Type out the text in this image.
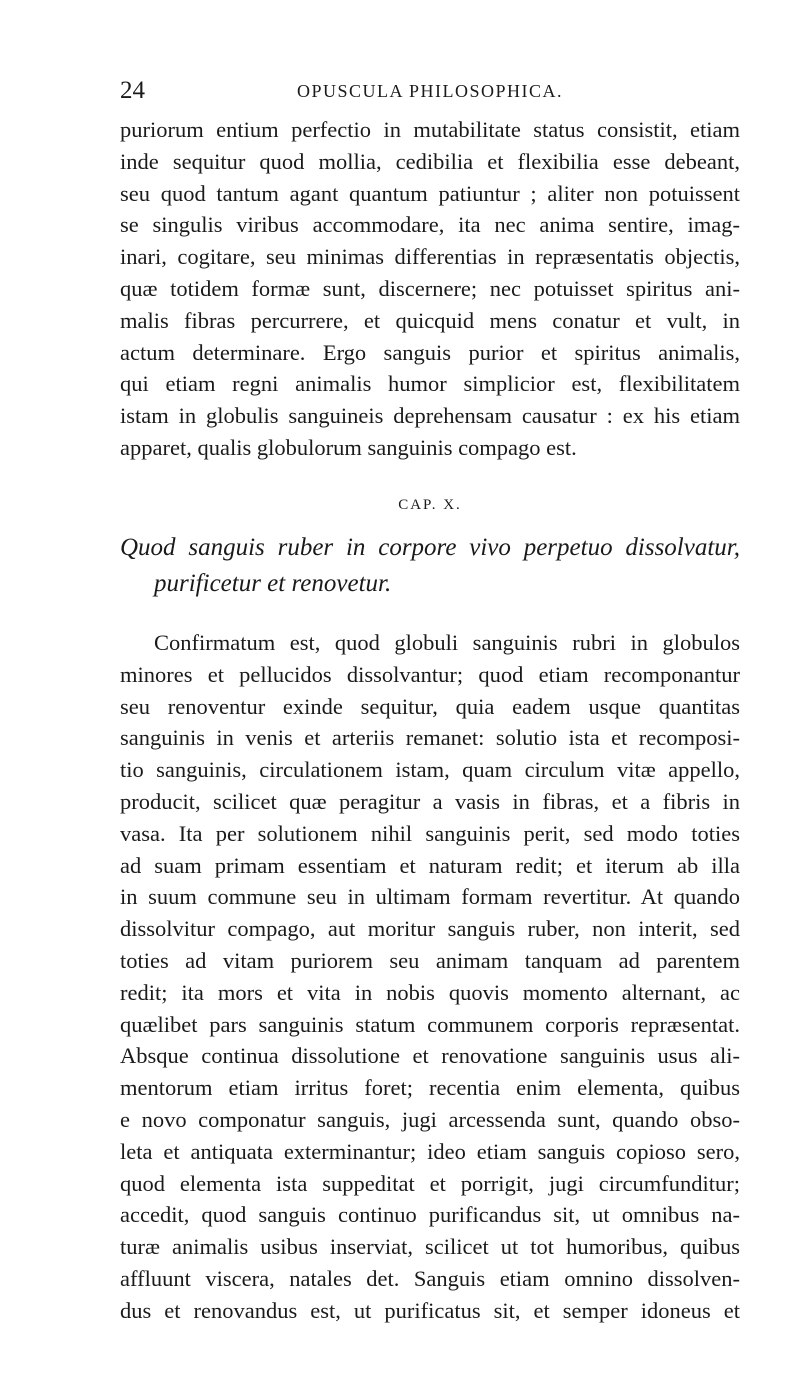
24	OPUSCULA PHILOSOPHICA.
puriorum entium perfectio in mutabilitate status consistit, etiam
inde sequitur quod mollia, cedibilia et flexibilia esse debeant,
seu quod tantum agant quantum patiuntur ; aliter non potuissent
se singulis viribus accommodare, ita nec anima sentire, imag-
inari, cogitare, seu minimas differentias in repræsentatis objectis,
quæ totidem formæ sunt, discernere; nec potuisset spiritus ani-
malis fibras percurrere, et quicquid mens conatur et vult, in
actum determinare. Ergo sanguis purior et spiritus animalis,
qui etiam regni animalis humor simplicior est, flexibilitatem
istam in globulis sanguineis deprehensam causatur : ex his etiam
apparet, qualis globulorum sanguinis compago est.
CAP. X.
Quod sanguis ruber in corpore vivo perpetuo dissolvatur,
purificetur et renovetur.
Confirmatum est, quod globuli sanguinis rubri in globulos
minores et pellucidos dissolvantur; quod etiam recomponantur
seu renoventur exinde sequitur, quia eadem usque quantitas
sanguinis in venis et arteriis remanet: solutio ista et recomposi-
tio sanguinis, circulationem istam, quam circulum vitæ appello,
producit, scilicet quæ peragitur a vasis in fibras, et a fibris in
vasa. Ita per solutionem nihil sanguinis perit, sed modo toties
ad suam primam essentiam et naturam redit; et iterum ab illa
in suum commune seu in ultimam formam revertitur. At quando
dissolvitur compago, aut moritur sanguis ruber, non interit, sed
toties ad vitam puriorem seu animam tanquam ad parentem
redit; ita mors et vita in nobis quovis momento alternant, ac
quælibet pars sanguinis statum communem corporis repræsentat.
Absque continua dissolutione et renovatione sanguinis usus ali-
mentorum etiam irritus foret; recentia enim elementa, quibus
e novo componatur sanguis, jugi arcessenda sunt, quando obso-
leta et antiquata exterminantur; ideo etiam sanguis copioso sero,
quod elementa ista suppeditat et porrigit, jugi circumfunditur;
accedit, quod sanguis continuo purificandus sit, ut omnibus na-
turæ animalis usibus inserviat, scilicet ut tot humoribus, quibus
affluunt viscera, natales det. Sanguis etiam omnino dissolven-
dus et renovandus est, ut purificatus sit, et semper idoneus et
